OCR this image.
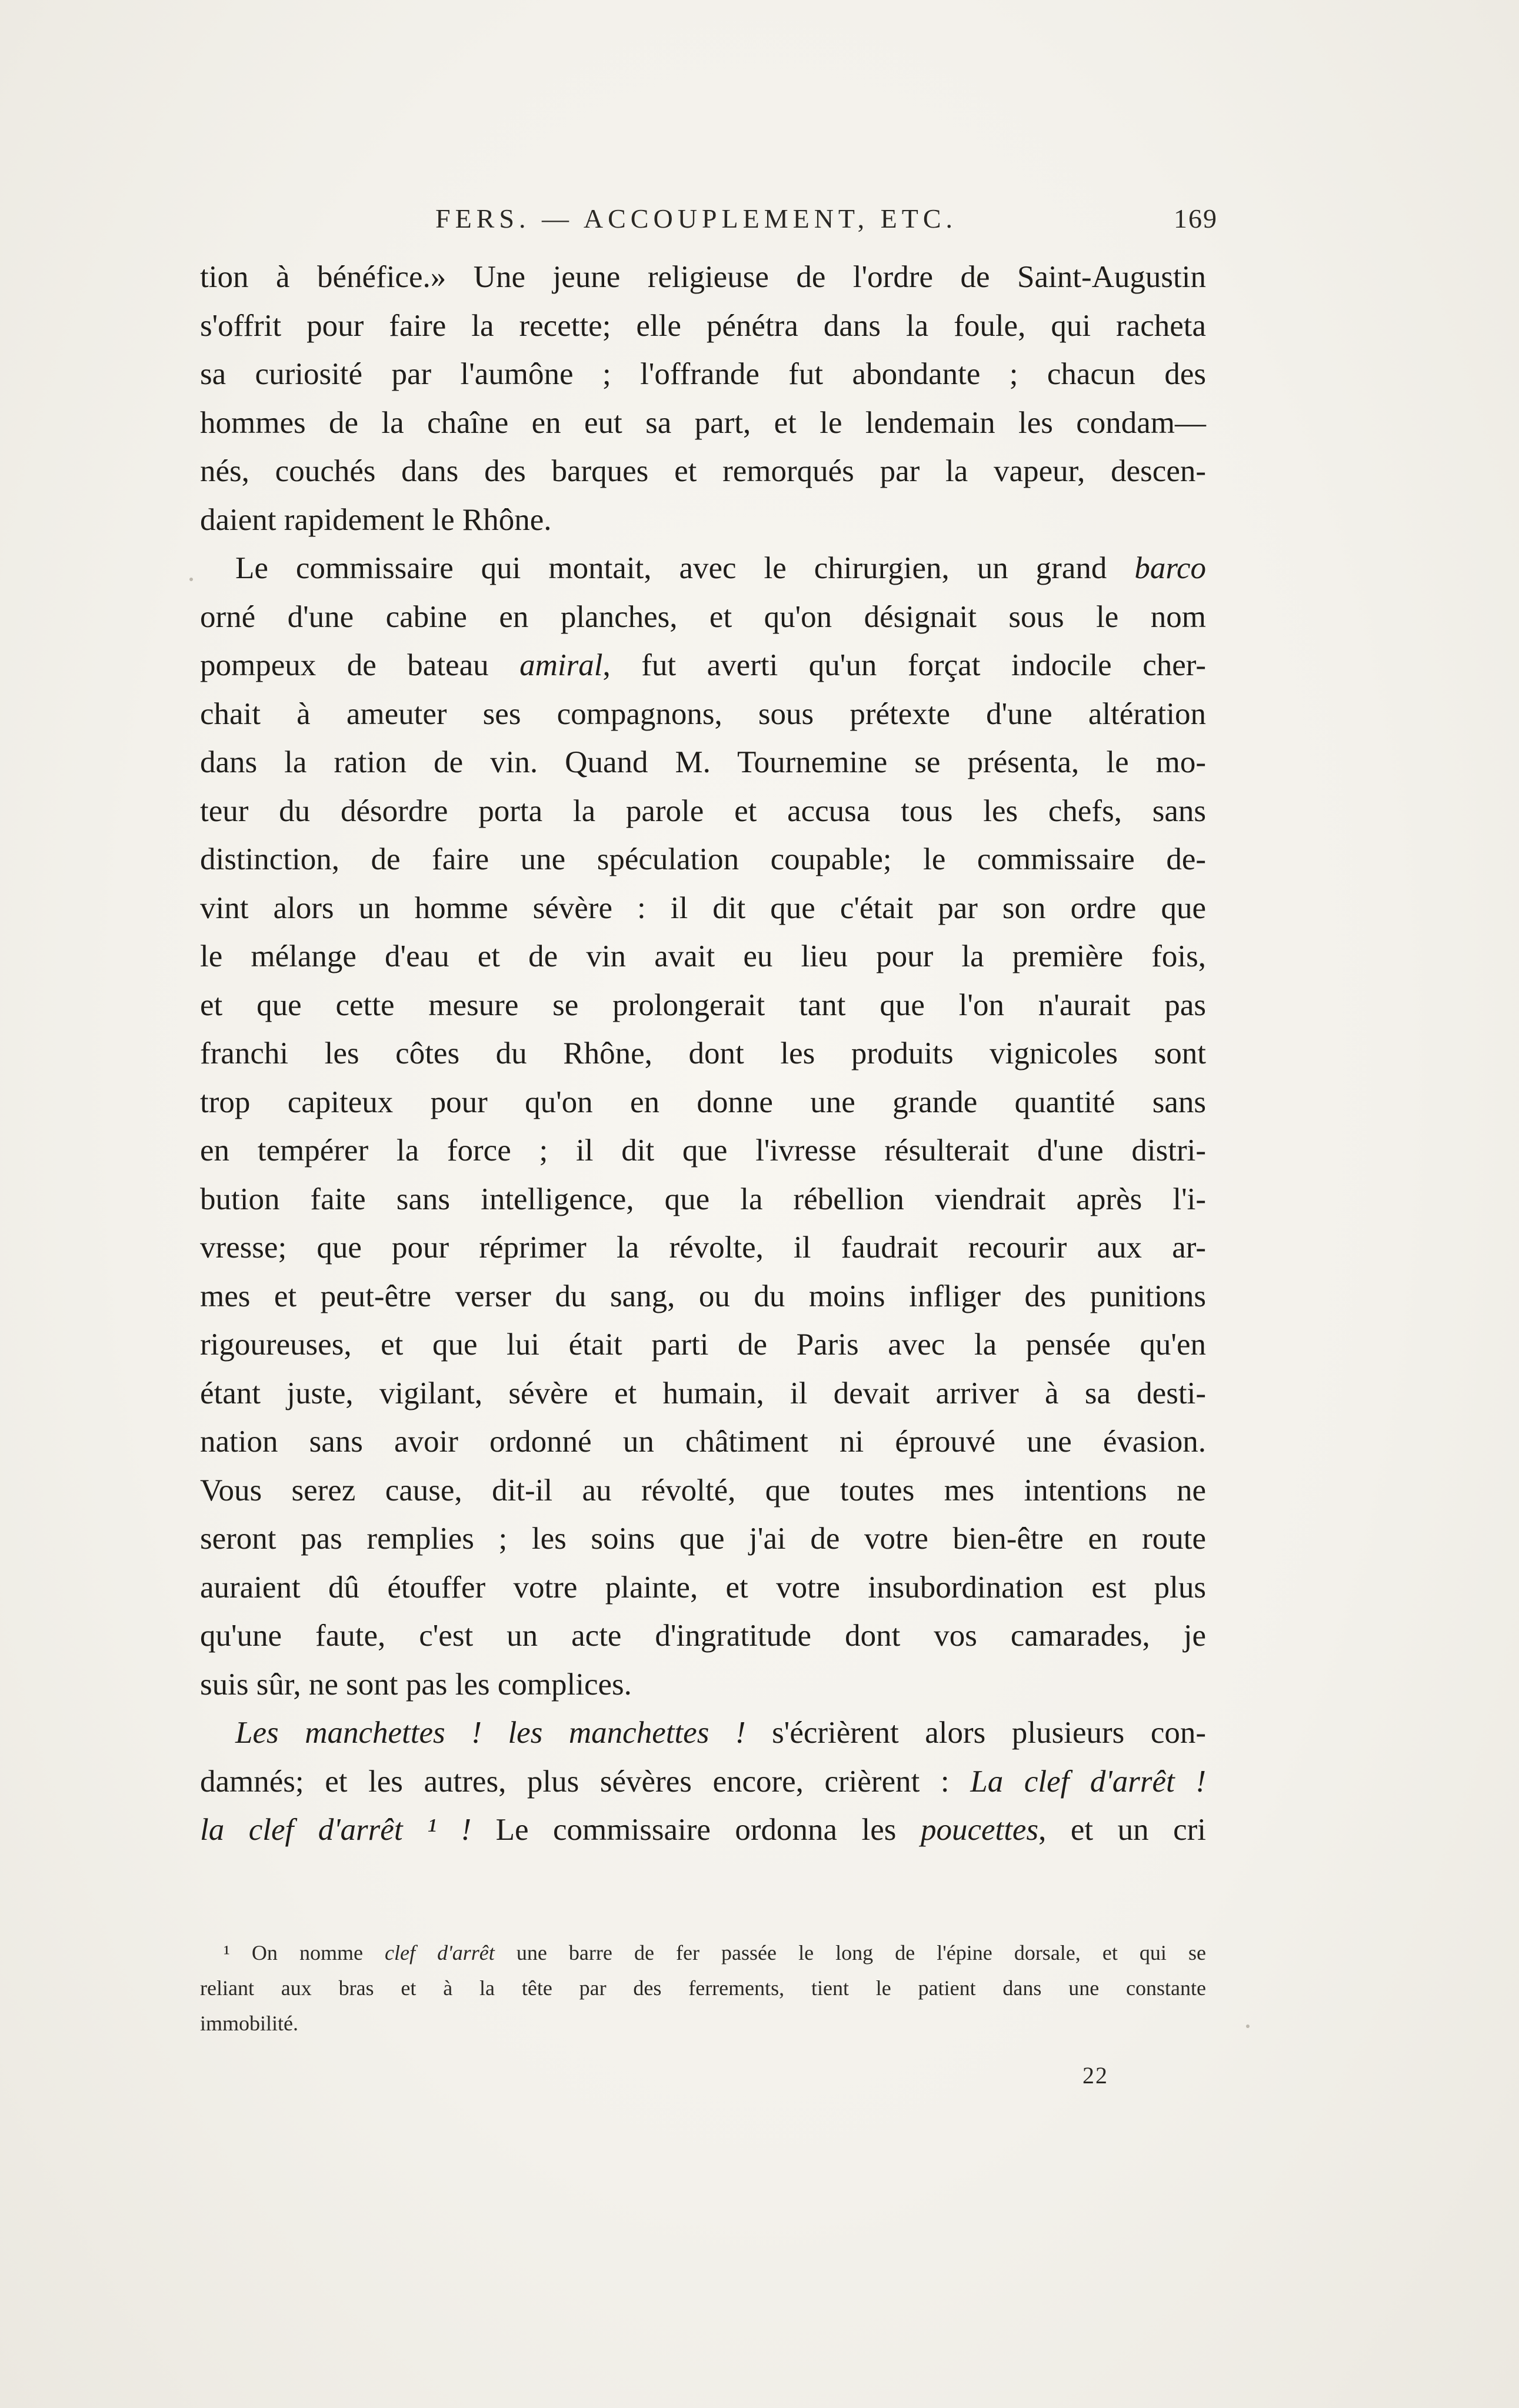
FERS. — ACCOUPLEMENT, ETC.	169
tion à bénéfice.» Une jeune religieuse de l'ordre de Saint-Augustin
s'offrit pour faire la recette; elle pénétra dans la foule, qui racheta
sa curiosité par l'aumône ; l'offrande fut abondante ; chacun des
hommes de la chaîne en eut sa part, et le lendemain les condam—
nés, couchés dans des barques et remorqués par la vapeur, descen-
daient rapidement le Rhône.
Le commissaire qui montait, avec le chirurgien, un grand barco
orné d'une cabine en planches, et qu'on désignait sous le nom
pompeux de bateau amiral, fut averti qu'un forçat indocile cher-
chait à ameuter ses compagnons, sous prétexte d'une altération
dans la ration de vin. Quand M. Tournemine se présenta, le mo-
teur du désordre porta la parole et accusa tous les chefs, sans
distinction, de faire une spéculation coupable; le commissaire de-
vint alors un homme sévère : il dit que c'était par son ordre que
le mélange d'eau et de vin avait eu lieu pour la première fois,
et que cette mesure se prolongerait tant que l'on n'aurait pas
franchi les côtes du Rhône, dont les produits vignicoles sont
trop capiteux pour qu'on en donne une grande quantité sans
en tempérer la force ; il dit que l'ivresse résulterait d'une distri-
bution faite sans intelligence, que la rébellion viendrait après l'i-
vresse; que pour réprimer la révolte, il faudrait recourir aux ar-
mes et peut-être verser du sang, ou du moins infliger des punitions
rigoureuses, et que lui était parti de Paris avec la pensée qu'en
étant juste, vigilant, sévère et humain, il devait arriver à sa desti-
nation sans avoir ordonné un châtiment ni éprouvé une évasion.
Vous serez cause, dit-il au révolté, que toutes mes intentions ne
seront pas remplies ; les soins que j'ai de votre bien-être en route
auraient dû étouffer votre plainte, et votre insubordination est plus
qu'une faute, c'est un acte d'ingratitude dont vos camarades, je
suis sûr, ne sont pas les complices.
Les manchettes ! les manchettes ! s'écrièrent alors plusieurs con-
damnés; et les autres, plus sévères encore, crièrent : La clef d'arrêt !
la clef d'arrêt ¹ ! Le commissaire ordonna les poucettes, et un cri
¹ On nomme clef d'arrêt une barre de fer passée le long de l'épine dorsale, et qui se
reliant aux bras et à la tête par des ferrements, tient le patient dans une constante
immobilité.
22
